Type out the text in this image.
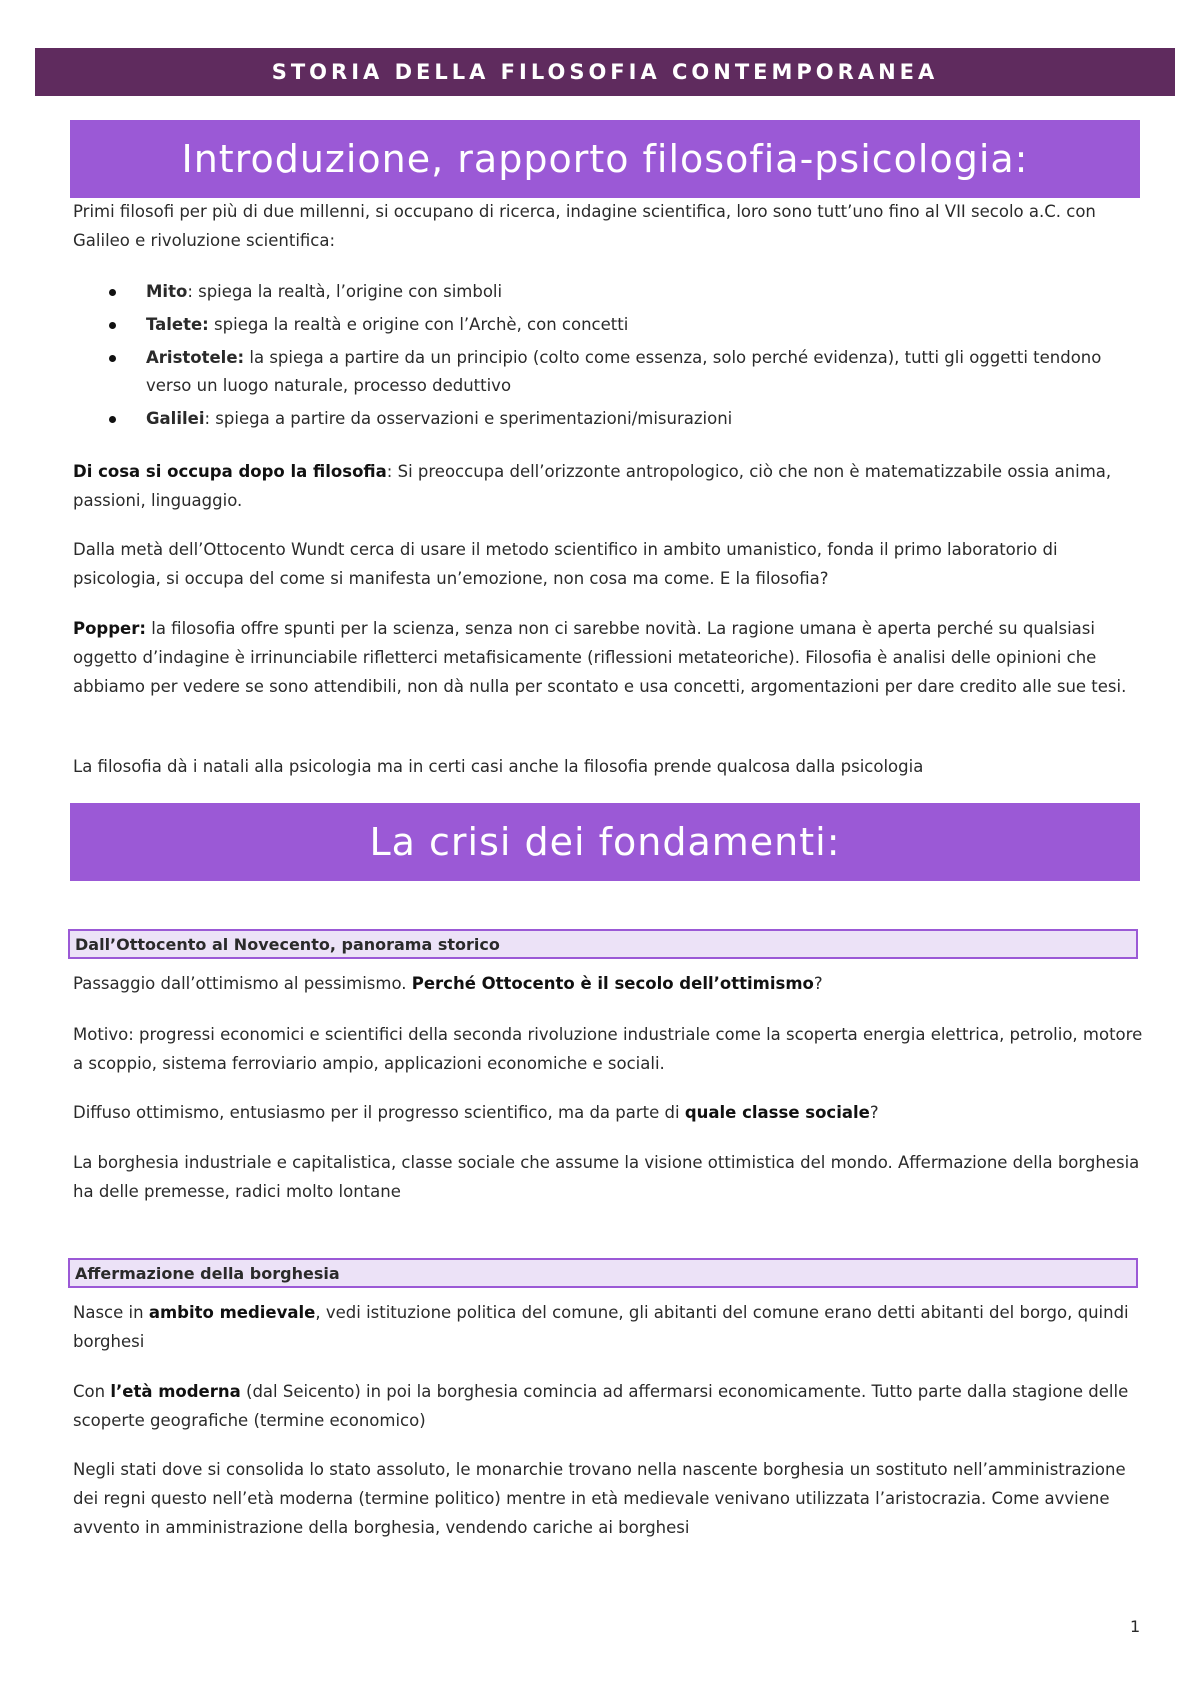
STORIA DELLA FILOSOFIA CONTEMPORANEA
Introduzione, rapporto filosofia-psicologia:

Primi filosofi per più di due millenni, si occupano di ricerca, indagine scientifica, loro sono tutt’uno fino al VII secolo a.C. con Galileo e rivoluzione scientifica:

Mito: spiega la realtà, l’origine con simboli
Talete: spiega la realtà e origine con l’Archè, con concetti
Aristotele: la spiega a partire da un principio (colto come essenza, solo perché evidenza), tutti gli oggetti tendono verso un luogo naturale, processo deduttivo
Galilei: spiega a partire da osservazioni e sperimentazioni/misurazioni

Di cosa si occupa dopo la filosofia: Si preoccupa dell’orizzonte antropologico, ciò che non è matematizzabile ossia anima, passioni, linguaggio.

Dalla metà dell’Ottocento Wundt cerca di usare il metodo scientifico in ambito umanistico, fonda il primo laboratorio di psicologia, si occupa del come si manifesta un’emozione, non cosa ma come. E la filosofia?

Popper: la filosofia offre spunti per la scienza, senza non ci sarebbe novità. La ragione umana è aperta perché su qualsiasi oggetto d’indagine è irrinunciabile rifletterci metafisicamente (riflessioni metateoriche). Filosofia è analisi delle opinioni che abbiamo per vedere se sono attendibili, non dà nulla per scontato e usa concetti, argomentazioni per dare credito alle sue tesi.

La filosofia dà i natali alla psicologia ma in certi casi anche la filosofia prende qualcosa dalla psicologia

La crisi dei fondamenti:
Dall’Ottocento al Novecento, panorama storico

Passaggio dall’ottimismo al pessimismo. Perché Ottocento è il secolo dell’ottimismo?

Motivo: progressi economici e scientifici della seconda rivoluzione industriale come la scoperta energia elettrica, petrolio, motore a scoppio, sistema ferroviario ampio, applicazioni economiche e sociali.

Diffuso ottimismo, entusiasmo per il progresso scientifico, ma da parte di quale classe sociale?

La borghesia industriale e capitalistica, classe sociale che assume la visione ottimistica del mondo. Affermazione della borghesia ha delle premesse, radici molto lontane

Affermazione della borghesia

Nasce in ambito medievale, vedi istituzione politica del comune, gli abitanti del comune erano detti abitanti del borgo, quindi borghesi

Con l’età moderna (dal Seicento) in poi la borghesia comincia ad affermarsi economicamente. Tutto parte dalla stagione delle scoperte geografiche (termine economico)

Negli stati dove si consolida lo stato assoluto, le monarchie trovano nella nascente borghesia un sostituto nell’amministrazione dei regni questo nell’età moderna (termine politico) mentre in età medievale venivano utilizzata l’aristocrazia. Come avviene avvento in amministrazione della borghesia, vendendo cariche ai borghesi

1
